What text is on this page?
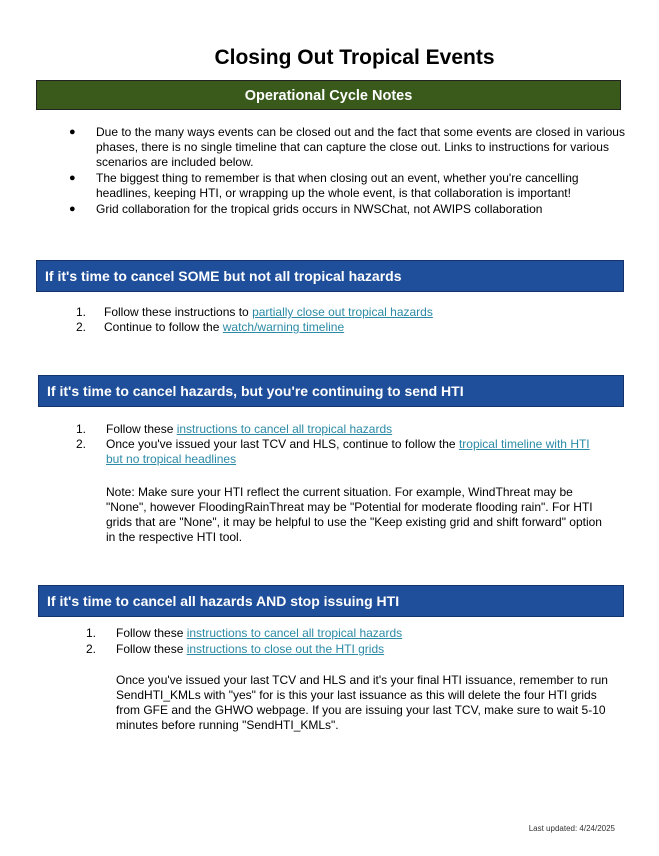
Closing Out Tropical Events
Operational Cycle Notes
● Due to the many ways events can be closed out and the fact that some events are closed in various phases, there is no single timeline that can capture the close out. Links to instructions for various scenarios are included below.
● The biggest thing to remember is that when closing out an event, whether you're cancelling headlines, keeping HTI, or wrapping up the whole event, is that collaboration is important!
● Grid collaboration for the tropical grids occurs in NWSChat, not AWIPS collaboration
If it's time to cancel SOME but not all tropical hazards
1. Follow these instructions to partially close out tropical hazards
2. Continue to follow the watch/warning timeline
If it's time to cancel hazards, but you're continuing to send HTI
1. Follow these instructions to cancel all tropical hazards
2. Once you've issued your last TCV and HLS, continue to follow the tropical timeline with HTI but no tropical headlines
Note: Make sure your HTI reflect the current situation. For example, WindThreat may be "None", however FloodingRainThreat may be "Potential for moderate flooding rain". For HTI grids that are "None", it may be helpful to use the "Keep existing grid and shift forward" option in the respective HTI tool.
If it's time to cancel all hazards AND stop issuing HTI
1. Follow these instructions to cancel all tropical hazards
2. Follow these instructions to close out the HTI grids
Once you've issued your last TCV and HLS and it's your final HTI issuance, remember to run SendHTI_KMLs with "yes" for is this your last issuance as this will delete the four HTI grids from GFE and the GHWO webpage. If you are issuing your last TCV, make sure to wait 5-10 minutes before running "SendHTI_KMLs".
Last updated: 4/24/2025
